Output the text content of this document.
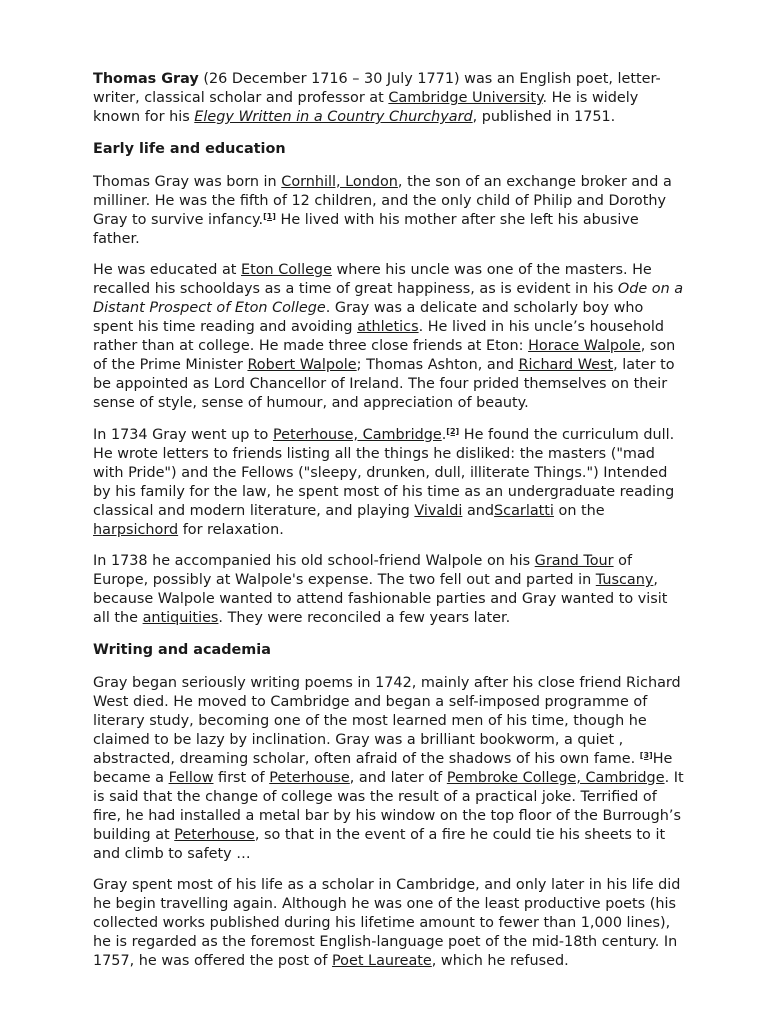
Thomas Gray (26 December 1716 – 30 July 1771) was an English poet, letter-writer, classical scholar and professor at Cambridge University. He is widely known for his Elegy Written in a Country Churchyard, published in 1751.

Early life and education

Thomas Gray was born in Cornhill, London, the son of an exchange broker and a milliner. He was the fifth of 12 children, and the only child of Philip and Dorothy Gray to survive infancy.[1] He lived with his mother after she left his abusive father.

He was educated at Eton College where his uncle was one of the masters. He recalled his schooldays as a time of great happiness, as is evident in his Ode on a Distant Prospect of Eton College. Gray was a delicate and scholarly boy who spent his time reading and avoiding athletics. He lived in his uncle’s household rather than at college. He made three close friends at Eton: Horace Walpole, son of the Prime Minister Robert Walpole; Thomas Ashton, and Richard West, later to be appointed as Lord Chancellor of Ireland. The four prided themselves on their sense of style, sense of humour, and appreciation of beauty.

In 1734 Gray went up to Peterhouse, Cambridge.[2] He found the curriculum dull. He wrote letters to friends listing all the things he disliked: the masters ("mad with Pride") and the Fellows ("sleepy, drunken, dull, illiterate Things.") Intended by his family for the law, he spent most of his time as an undergraduate reading classical and modern literature, and playing Vivaldi andScarlatti on the harpsichord for relaxation.

In 1738 he accompanied his old school-friend Walpole on his Grand Tour of Europe, possibly at Walpole's expense. The two fell out and parted in Tuscany, because Walpole wanted to attend fashionable parties and Gray wanted to visit all the antiquities. They were reconciled a few years later.

Writing and academia

Gray began seriously writing poems in 1742, mainly after his close friend Richard West died. He moved to Cambridge and began a self-imposed programme of literary study, becoming one of the most learned men of his time, though he claimed to be lazy by inclination. Gray was a brilliant bookworm, a quiet , abstracted, dreaming scholar, often afraid of the shadows of his own fame. [3]He became a Fellow first of Peterhouse, and later of Pembroke College, Cambridge. It is said that the change of college was the result of a practical joke. Terrified of fire, he had installed a metal bar by his window on the top floor of the Burrough’s building at Peterhouse, so that in the event of a fire he could tie his sheets to it and climb to safety …

Gray spent most of his life as a scholar in Cambridge, and only later in his life did he begin travelling again. Although he was one of the least productive poets (his collected works published during his lifetime amount to fewer than 1,000 lines), he is regarded as the foremost English-language poet of the mid-18th century. In 1757, he was offered the post of Poet Laureate, which he refused.
